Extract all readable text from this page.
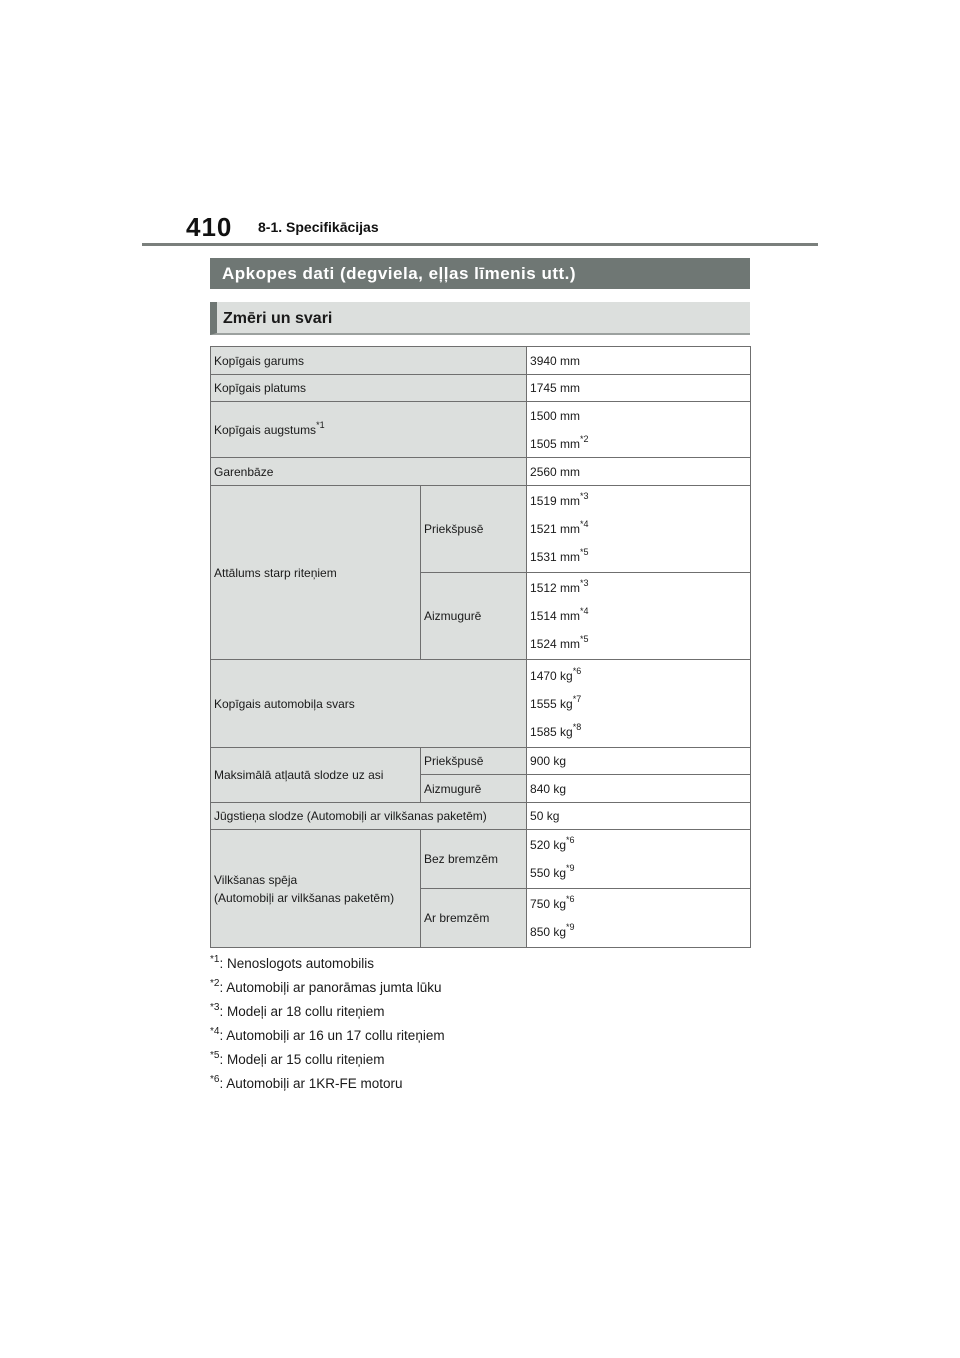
410 8-1. Specifikācijas
Apkopes dati (degviela, eļļas līmenis utt.)
Zmēri un svari
Kopīgais garums		3940 mm
Kopīgais platums		1745 mm
Kopīgais augstums$^{*1}$		1500 mm
1505 $mm^{*2}$

Garenbāze		2560 mm
Attālums starp riteņiem	Priekšpusē	1519 $mm^{*3}$
1521 $mm^{*4}$
1531 $mm^{*5}$

	Aizmugurē	1512 $mm^{*3}$
1514 $mm^{*4}$
1524 $mm^{*5}$

Kopīgais automobiļa svars		1470 $kg^{*6}$
1555 $kg^{*7}$
1585 $kg^{*8}$

Maksimālā atļautā slodze uz asi	Priekšpusē	900 kg
	Aizmugurē	840 kg
Jūgstieņa slodze (Automobiļi ar vilkšanas paketēm)		50 kg

Vilkšanas spēja
(Automobiļi ar vilkšanas paketēm)	Bez bremzēm	520 $kg^{*6}$
550 $kg^{*9}$

	Ar bremzēm	750 $kg^{*6}$
850 $kg^{*9}$
$^{*1}$: Nenoslogots automobilis
$^{*2}$: Automobiļi ar panorāmas jumta lūku
$^{*3}$: Modeļi ar 18 collu riteņiem
$^{*4}$: Automobiļi ar 16 un 17 collu riteņiem
$^{*5}$: Modeļi ar 15 collu riteņiem
$^{*6}$: Automobiļi ar 1KR-FE motoru
